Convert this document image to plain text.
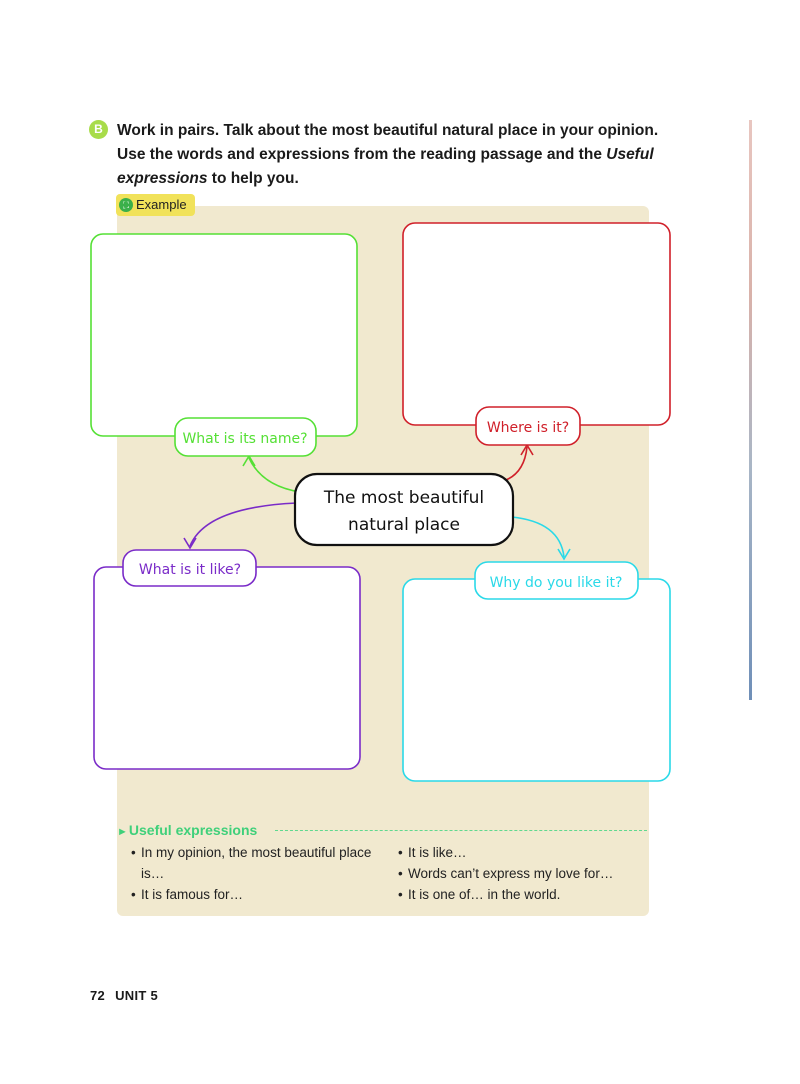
B Work in pairs. Talk about the most beautiful natural place in your opinion.
Use the words and expressions from the reading passage and the Useful
expressions to help you.

⛶ Example
What is its name?
Where is it?
What is it like?
Why do you like it?
The most beautiful
natural place
►Useful expressions
• In my opinion, the most beautiful place is…
• It is famous for…
• It is like…
• Words can’t express my love for…
• It is one of… in the world.
72 UNIT 5
